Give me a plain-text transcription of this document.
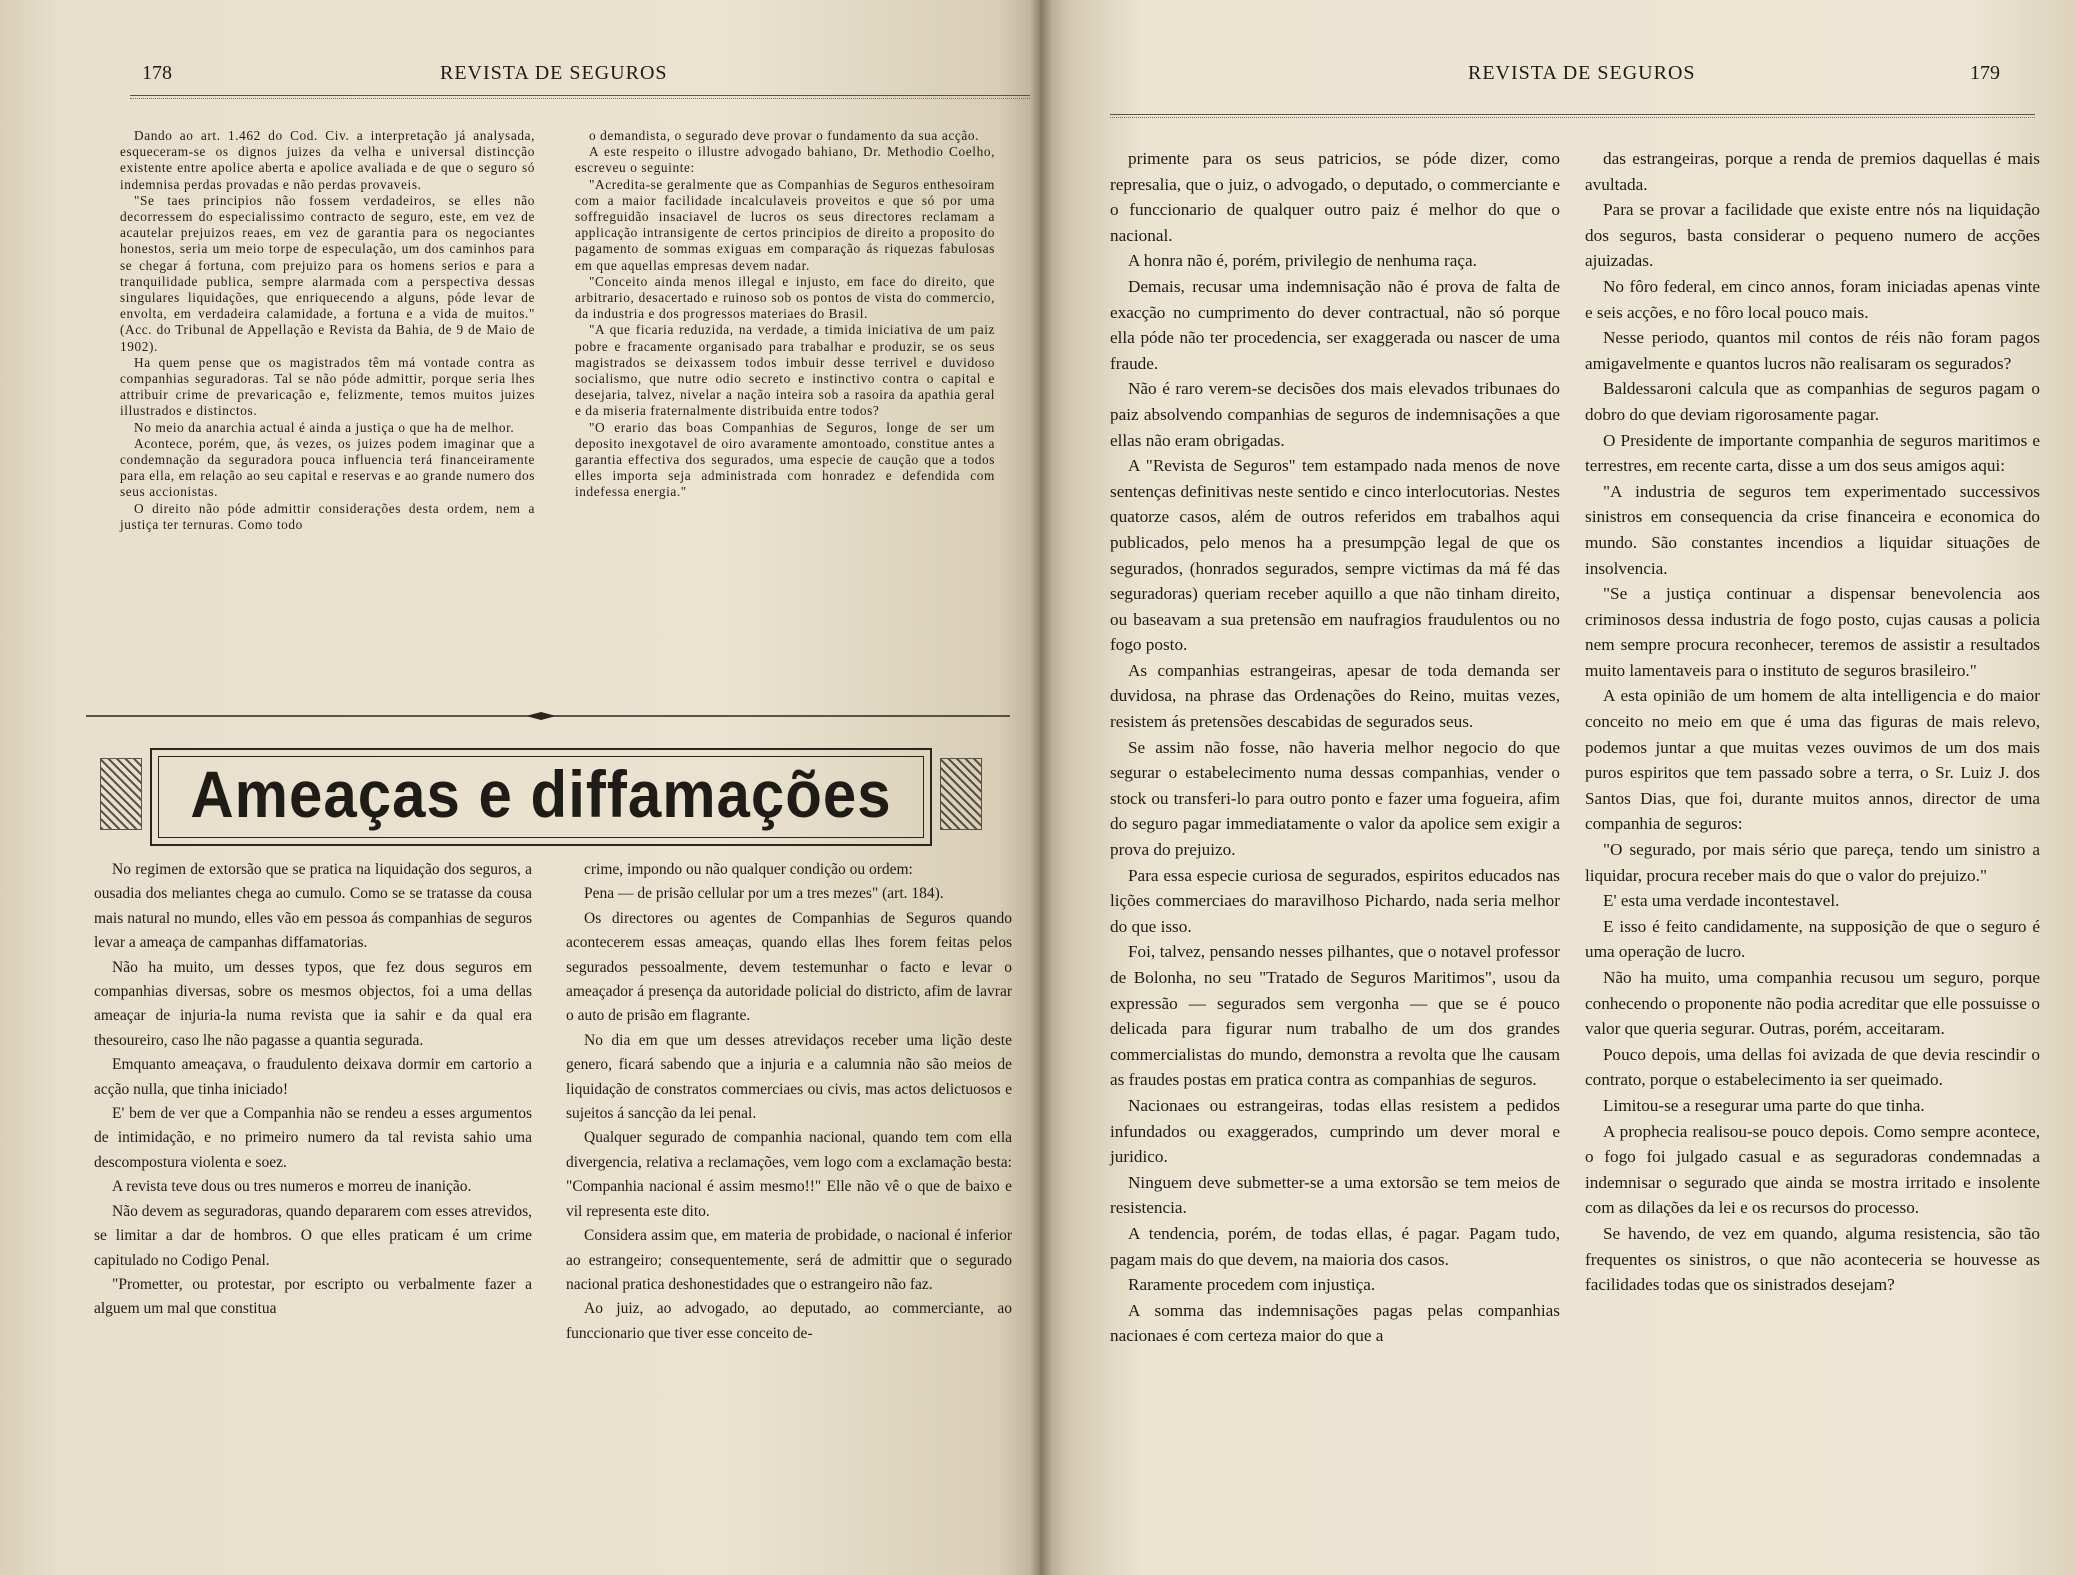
178	REVISTA DE SEGUROS

Dando ao art. 1.462 do Cod. Civ. a interpretação já analysada, esqueceram-se os dignos juizes da velha e universal distincção existente entre apolice aberta e apolice avaliada e de que o seguro só indemnisa perdas provadas e não perdas provaveis.

"Se taes principios não fossem verdadeiros, se elles não decorressem do especialissimo contracto de seguro, este, em vez de acautelar prejuizos reaes, em vez de garantia para os negociantes honestos, seria um meio torpe de especulação, um dos caminhos para se chegar á fortuna, com prejuizo para os homens serios e para a tranquilidade publica, sempre alarmada com a perspectiva dessas singulares liquidações, que enriquecendo a alguns, póde levar de envolta, em verdadeira calamidade, a fortuna e a vida de muitos." (Acc. do Tribunal de Appellação e Revista da Bahia, de 9 de Maio de 1902).

Ha quem pense que os magistrados têm má vontade contra as companhias seguradoras. Tal se não póde admittir, porque seria lhes attribuir crime de prevaricação e, felizmente, temos muitos juizes illustrados e distinctos.

No meio da anarchia actual é ainda a justiça o que ha de melhor.

Acontece, porém, que, ás vezes, os juizes podem imaginar que a condemnação da seguradora pouca influencia terá financeiramente para ella, em relação ao seu capital e reservas e ao grande numero dos seus accionistas.

O direito não póde admittir considerações desta ordem, nem a justiça ter ternuras. Como todo

o demandista, o segurado deve provar o fundamento da sua acção.

A este respeito o illustre advogado bahiano, Dr. Methodio Coelho, escreveu o seguinte:

"Acredita-se geralmente que as Companhias de Seguros enthesoiram com a maior facilidade incalculaveis proveitos e que só por uma soffreguidão insaciavel de lucros os seus directores reclamam a applicação intransigente de certos principios de direito a proposito do pagamento de sommas exiguas em comparação ás riquezas fabulosas em que aquellas empresas devem nadar.

"Conceito ainda menos illegal e injusto, em face do direito, que arbitrario, desacertado e ruinoso sob os pontos de vista do commercio, da industria e dos progressos materiaes do Brasil.

"A que ficaria reduzida, na verdade, a timida iniciativa de um paiz pobre e fracamente organisado para trabalhar e produzir, se os seus magistrados se deixassem todos imbuir desse terrivel e duvidoso socialismo, que nutre odio secreto e instinctivo contra o capital e desejaria, talvez, nivelar a nação inteira sob a rasoira da apathia geral e da miseria fraternalmente distribuida entre todos?

"O erario das boas Companhias de Seguros, longe de ser um deposito inexgotavel de oiro avaramente amontoado, constitue antes a garantia effectiva dos segurados, uma especie de caução que a todos elles importa seja administrada com honradez e defendida com indefessa energia."

Ameaças e diffamações

No regimen de extorsão que se pratica na liquidação dos seguros, a ousadia dos meliantes chega ao cumulo. Como se se tratasse da cousa mais natural no mundo, elles vão em pessoa ás companhias de seguros levar a ameaça de campanhas diffamatorias.

Não ha muito, um desses typos, que fez dous seguros em companhias diversas, sobre os mesmos objectos, foi a uma dellas ameaçar de injuria-la numa revista que ia sahir e da qual era thesoureiro, caso lhe não pagasse a quantia segurada.

Emquanto ameaçava, o fraudulento deixava dormir em cartorio a acção nulla, que tinha iniciado!

E' bem de ver que a Companhia não se rendeu a esses argumentos de intimidação, e no primeiro numero da tal revista sahio uma descompostura violenta e soez.

A revista teve dous ou tres numeros e morreu de inanição.

Não devem as seguradoras, quando depararem com esses atrevidos, se limitar a dar de hombros. O que elles praticam é um crime capitulado no Codigo Penal.

"Prometter, ou protestar, por escripto ou verbalmente fazer a alguem um mal que constitua

crime, impondo ou não qualquer condição ou ordem:

Pena — de prisão cellular por um a tres mezes" (art. 184).

Os directores ou agentes de Companhias de Seguros quando acontecerem essas ameaças, quando ellas lhes forem feitas pelos segurados pessoalmente, devem testemunhar o facto e levar o ameaçador á presença da autoridade policial do districto, afim de lavrar o auto de prisão em flagrante.

No dia em que um desses atrevidaços receber uma lição deste genero, ficará sabendo que a injuria e a calumnia não são meios de liquidação de constratos commerciaes ou civis, mas actos delictuosos e sujeitos á sancção da lei penal.

Qualquer segurado de companhia nacional, quando tem com ella divergencia, relativa a reclamações, vem logo com a exclamação besta: "Companhia nacional é assim mesmo!!" Elle não vê o que de baixo e vil representa este dito.

Considera assim que, em materia de probidade, o nacional é inferior ao estrangeiro; consequentemente, será de admittir que o segurado nacional pratica deshonestidades que o estrangeiro não faz.

Ao juiz, ao advogado, ao deputado, ao commerciante, ao funccionario que tiver esse conceito de-

REVISTA DE SEGUROS	179

primente para os seus patricios, se póde dizer, como represalia, que o juiz, o advogado, o deputado, o commerciante e o funccionario de qualquer outro paiz é melhor do que o nacional.

A honra não é, porém, privilegio de nenhuma raça.

Demais, recusar uma indemnisação não é prova de falta de exacção no cumprimento do dever contractual, não só porque ella póde não ter procedencia, ser exaggerada ou nascer de uma fraude.

Não é raro verem-se decisões dos mais elevados tribunaes do paiz absolvendo companhias de seguros de indemnisações a que ellas não eram obrigadas.

A "Revista de Seguros" tem estampado nada menos de nove sentenças definitivas neste sentido e cinco interlocutorias. Nestes quatorze casos, além de outros referidos em trabalhos aqui publicados, pelo menos ha a presumpção legal de que os segurados, (honrados segurados, sempre victimas da má fé das seguradoras) queriam receber aquillo a que não tinham direito, ou baseavam a sua pretensão em naufragios fraudulentos ou no fogo posto.

As companhias estrangeiras, apesar de toda demanda ser duvidosa, na phrase das Ordenações do Reino, muitas vezes, resistem ás pretensões descabidas de segurados seus.

Se assim não fosse, não haveria melhor negocio do que segurar o estabelecimento numa dessas companhias, vender o stock ou transferi-lo para outro ponto e fazer uma fogueira, afim do seguro pagar immediatamente o valor da apolice sem exigir a prova do prejuizo.

Para essa especie curiosa de segurados, espiritos educados nas lições commerciaes do maravilhoso Pichardo, nada seria melhor do que isso.

Foi, talvez, pensando nesses pilhantes, que o notavel professor de Bolonha, no seu "Tratado de Seguros Maritimos", usou da expressão — segurados sem vergonha — que se é pouco delicada para figurar num trabalho de um dos grandes commercialistas do mundo, demonstra a revolta que lhe causam as fraudes postas em pratica contra as companhias de seguros.

Nacionaes ou estrangeiras, todas ellas resistem a pedidos infundados ou exaggerados, cumprindo um dever moral e juridico.

Ninguem deve submetter-se a uma extorsão se tem meios de resistencia.

A tendencia, porém, de todas ellas, é pagar. Pagam tudo, pagam mais do que devem, na maioria dos casos.

Raramente procedem com injustiça.

A somma das indemnisações pagas pelas companhias nacionaes é com certeza maior do que a

das estrangeiras, porque a renda de premios daquellas é mais avultada.

Para se provar a facilidade que existe entre nós na liquidação dos seguros, basta considerar o pequeno numero de acções ajuizadas.

No fôro federal, em cinco annos, foram iniciadas apenas vinte e seis acções, e no fôro local pouco mais.

Nesse periodo, quantos mil contos de réis não foram pagos amigavelmente e quantos lucros não realisaram os segurados?

Baldessaroni calcula que as companhias de seguros pagam o dobro do que deviam rigorosamente pagar.

O Presidente de importante companhia de seguros maritimos e terrestres, em recente carta, disse a um dos seus amigos aqui:

"A industria de seguros tem experimentado successivos sinistros em consequencia da crise financeira e economica do mundo. São constantes incendios a liquidar situações de insolvencia.

"Se a justiça continuar a dispensar benevolencia aos criminosos dessa industria de fogo posto, cujas causas a policia nem sempre procura reconhecer, teremos de assistir a resultados muito lamentaveis para o instituto de seguros brasileiro."

A esta opinião de um homem de alta intelligencia e do maior conceito no meio em que é uma das figuras de mais relevo, podemos juntar a que muitas vezes ouvimos de um dos mais puros espiritos que tem passado sobre a terra, o Sr. Luiz J. dos Santos Dias, que foi, durante muitos annos, director de uma companhia de seguros:

"O segurado, por mais sério que pareça, tendo um sinistro a liquidar, procura receber mais do que o valor do prejuizo."

E' esta uma verdade incontestavel.

E isso é feito candidamente, na supposição de que o seguro é uma operação de lucro.

Não ha muito, uma companhia recusou um seguro, porque conhecendo o proponente não podia acreditar que elle possuisse o valor que queria segurar. Outras, porém, acceitaram.

Pouco depois, uma dellas foi avizada de que devia rescindir o contrato, porque o estabelecimento ia ser queimado.

Limitou-se a resegurar uma parte do que tinha.

A prophecia realisou-se pouco depois. Como sempre acontece, o fogo foi julgado casual e as seguradoras condemnadas a indemnisar o segurado que ainda se mostra irritado e insolente com as dilações da lei e os recursos do processo.

Se havendo, de vez em quando, alguma resistencia, são tão frequentes os sinistros, o que não aconteceria se houvesse as facilidades todas que os sinistrados desejam?
